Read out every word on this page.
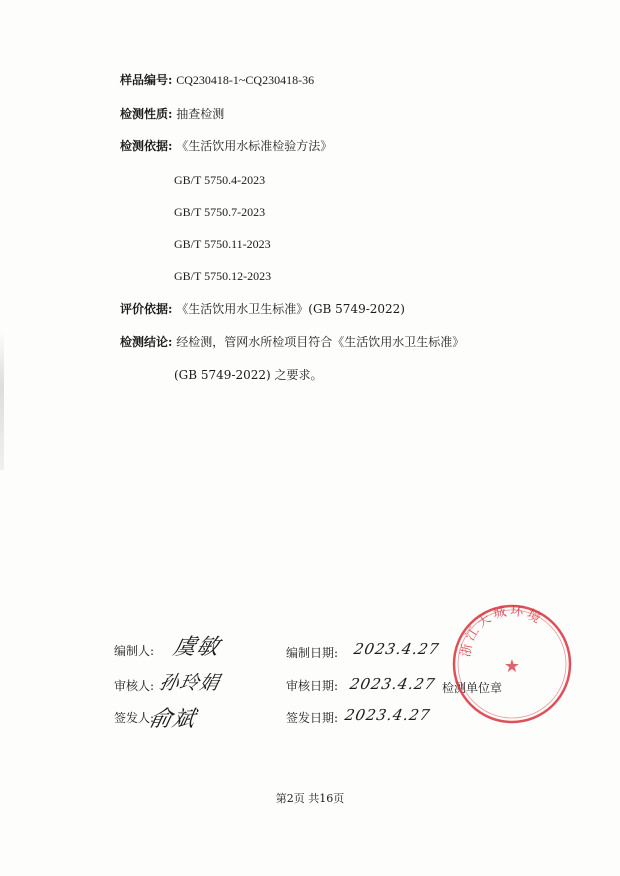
样品编号: CQ230418-1~CQ230418-36
检测性质: 抽查检测
检测依据: 《生活饮用水标准检验方法》
GB/T 5750.4-2023
GB/T 5750.7-2023
GB/T 5750.11-2023
GB/T 5750.12-2023
评价依据: 《生活饮用水卫生标准》(GB 5749-2022)
检测结论: 经检测，管网水所检项目符合《生活饮用水卫生标准》
(GB 5749-2022) 之要求。
编制人:
审核人:
签发人:
虞敏
孙玲娟
俞斌
编制日期:
审核日期:
签发日期:
2023.4.27
2023.4.27
2023.4.27
检测单位章
浙江天城环境
★
第2页 共16页
